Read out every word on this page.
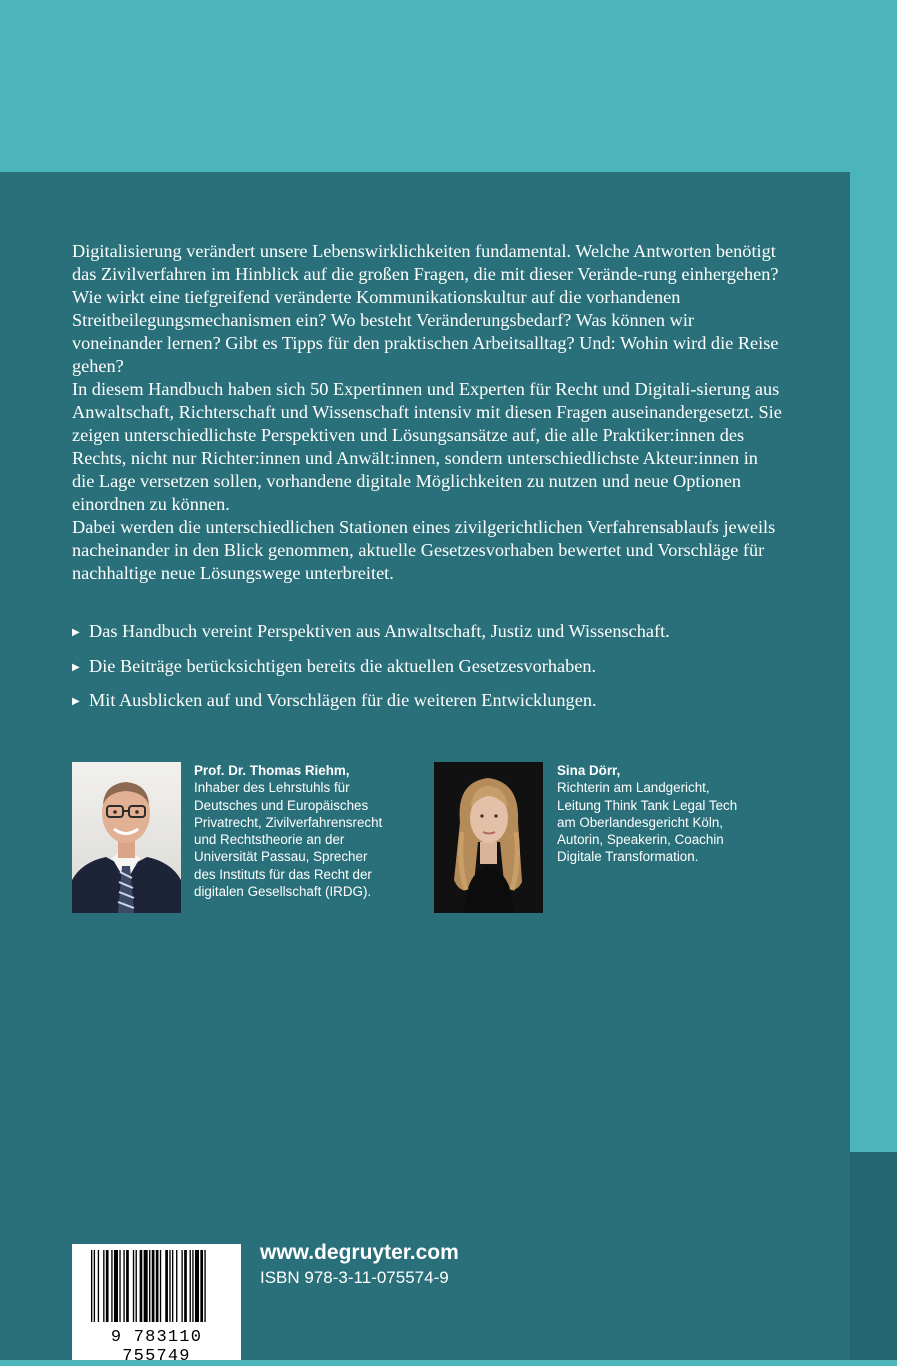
Digitalisierung verändert unsere Lebenswirklichkeiten fundamental. Welche Antworten benötigt das Zivilverfahren im Hinblick auf die großen Fragen, die mit dieser Verände-rung einhergehen? Wie wirkt eine tiefgreifend veränderte Kommunikationskultur auf die vorhandenen Streitbeilegungsmechanismen ein? Wo besteht Veränderungsbedarf? Was können wir voneinander lernen? Gibt es Tipps für den praktischen Arbeitsalltag? Und: Wohin wird die Reise gehen?

In diesem Handbuch haben sich 50 Expertinnen und Experten für Recht und Digitali-sierung aus Anwaltschaft, Richterschaft und Wissenschaft intensiv mit diesen Fragen auseinandergesetzt. Sie zeigen unterschiedlichste Perspektiven und Lösungsansätze auf, die alle Praktiker:innen des Rechts, nicht nur Richter:innen und Anwält:innen, sondern unterschiedlichste Akteur:innen in die Lage versetzen sollen, vorhandene digitale Möglichkeiten zu nutzen und neue Optionen einordnen zu können.

Dabei werden die unterschiedlichen Stationen eines zivilgerichtlichen Verfahrensablaufs jeweils nacheinander in den Blick genommen, aktuelle Gesetzesvorhaben bewertet und Vorschläge für nachhaltige neue Lösungswege unterbreitet.

▶ Das Handbuch vereint Perspektiven aus Anwaltschaft, Justiz und Wissenschaft.
▶ Die Beiträge berücksichtigen bereits die aktuellen Gesetzesvorhaben.
▶ Mit Ausblicken auf und Vorschlägen für die weiteren Entwicklungen.
Prof. Dr. Thomas Riehm,
Inhaber des Lehrstuhls für
Deutsches und Europäisches
Privatrecht, Zivilverfahrensrecht
und Rechtstheorie an der
Universität Passau, Sprecher
des Instituts für das Recht der
digitalen Gesellschaft (IRDG).
Sina Dörr,
Richterin am Landgericht,
Leitung Think Tank Legal Tech
am Oberlandesgericht Köln,
Autorin, Speakerin, Coachin
Digitale Transformation.
9 783110 755749
www.degruyter.com
ISBN 978-3-11-075574-9
